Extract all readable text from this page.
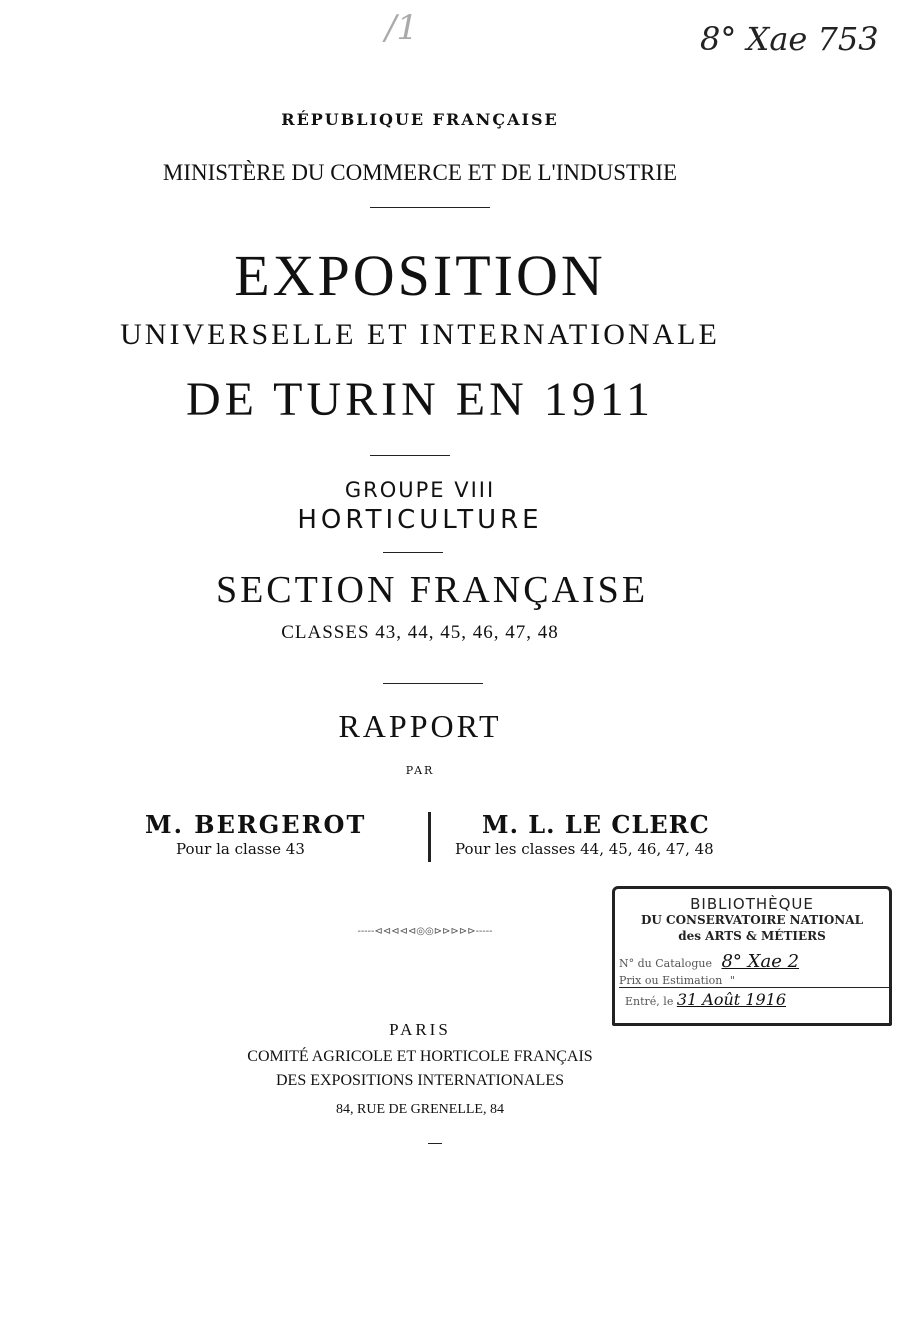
/1	8° Xae 753
RÉPUBLIQUE FRANÇAISE
MINISTÈRE DU COMMERCE ET DE L'INDUSTRIE
EXPOSITION
UNIVERSELLE ET INTERNATIONALE
DE TURIN EN 1911
GROUPE VIII
HORTICULTURE
SECTION FRANÇAISE
CLASSES 43, 44, 45, 46, 47, 48
RAPPORT
PAR
M. BERGEROT
Pour la classe 43
M. L. LE CLERC
Pour les classes 44, 45, 46, 47, 48
-----⊲⊲⊲⊲⊲◎◎⊳⊳⊳⊳⊳-----
PARIS
COMITÉ AGRICOLE ET HORTICOLE FRANÇAIS
DES EXPOSITIONS INTERNATIONALES
84, RUE DE GRENELLE, 84
BIBLIOTHÈQUE
DU CONSERVATOIRE NATIONAL
des ARTS & MÉTIERS
N° du Catalogue 8° Xae 2
Prix ou Estimation "
Entré, le 31 Août 1916
